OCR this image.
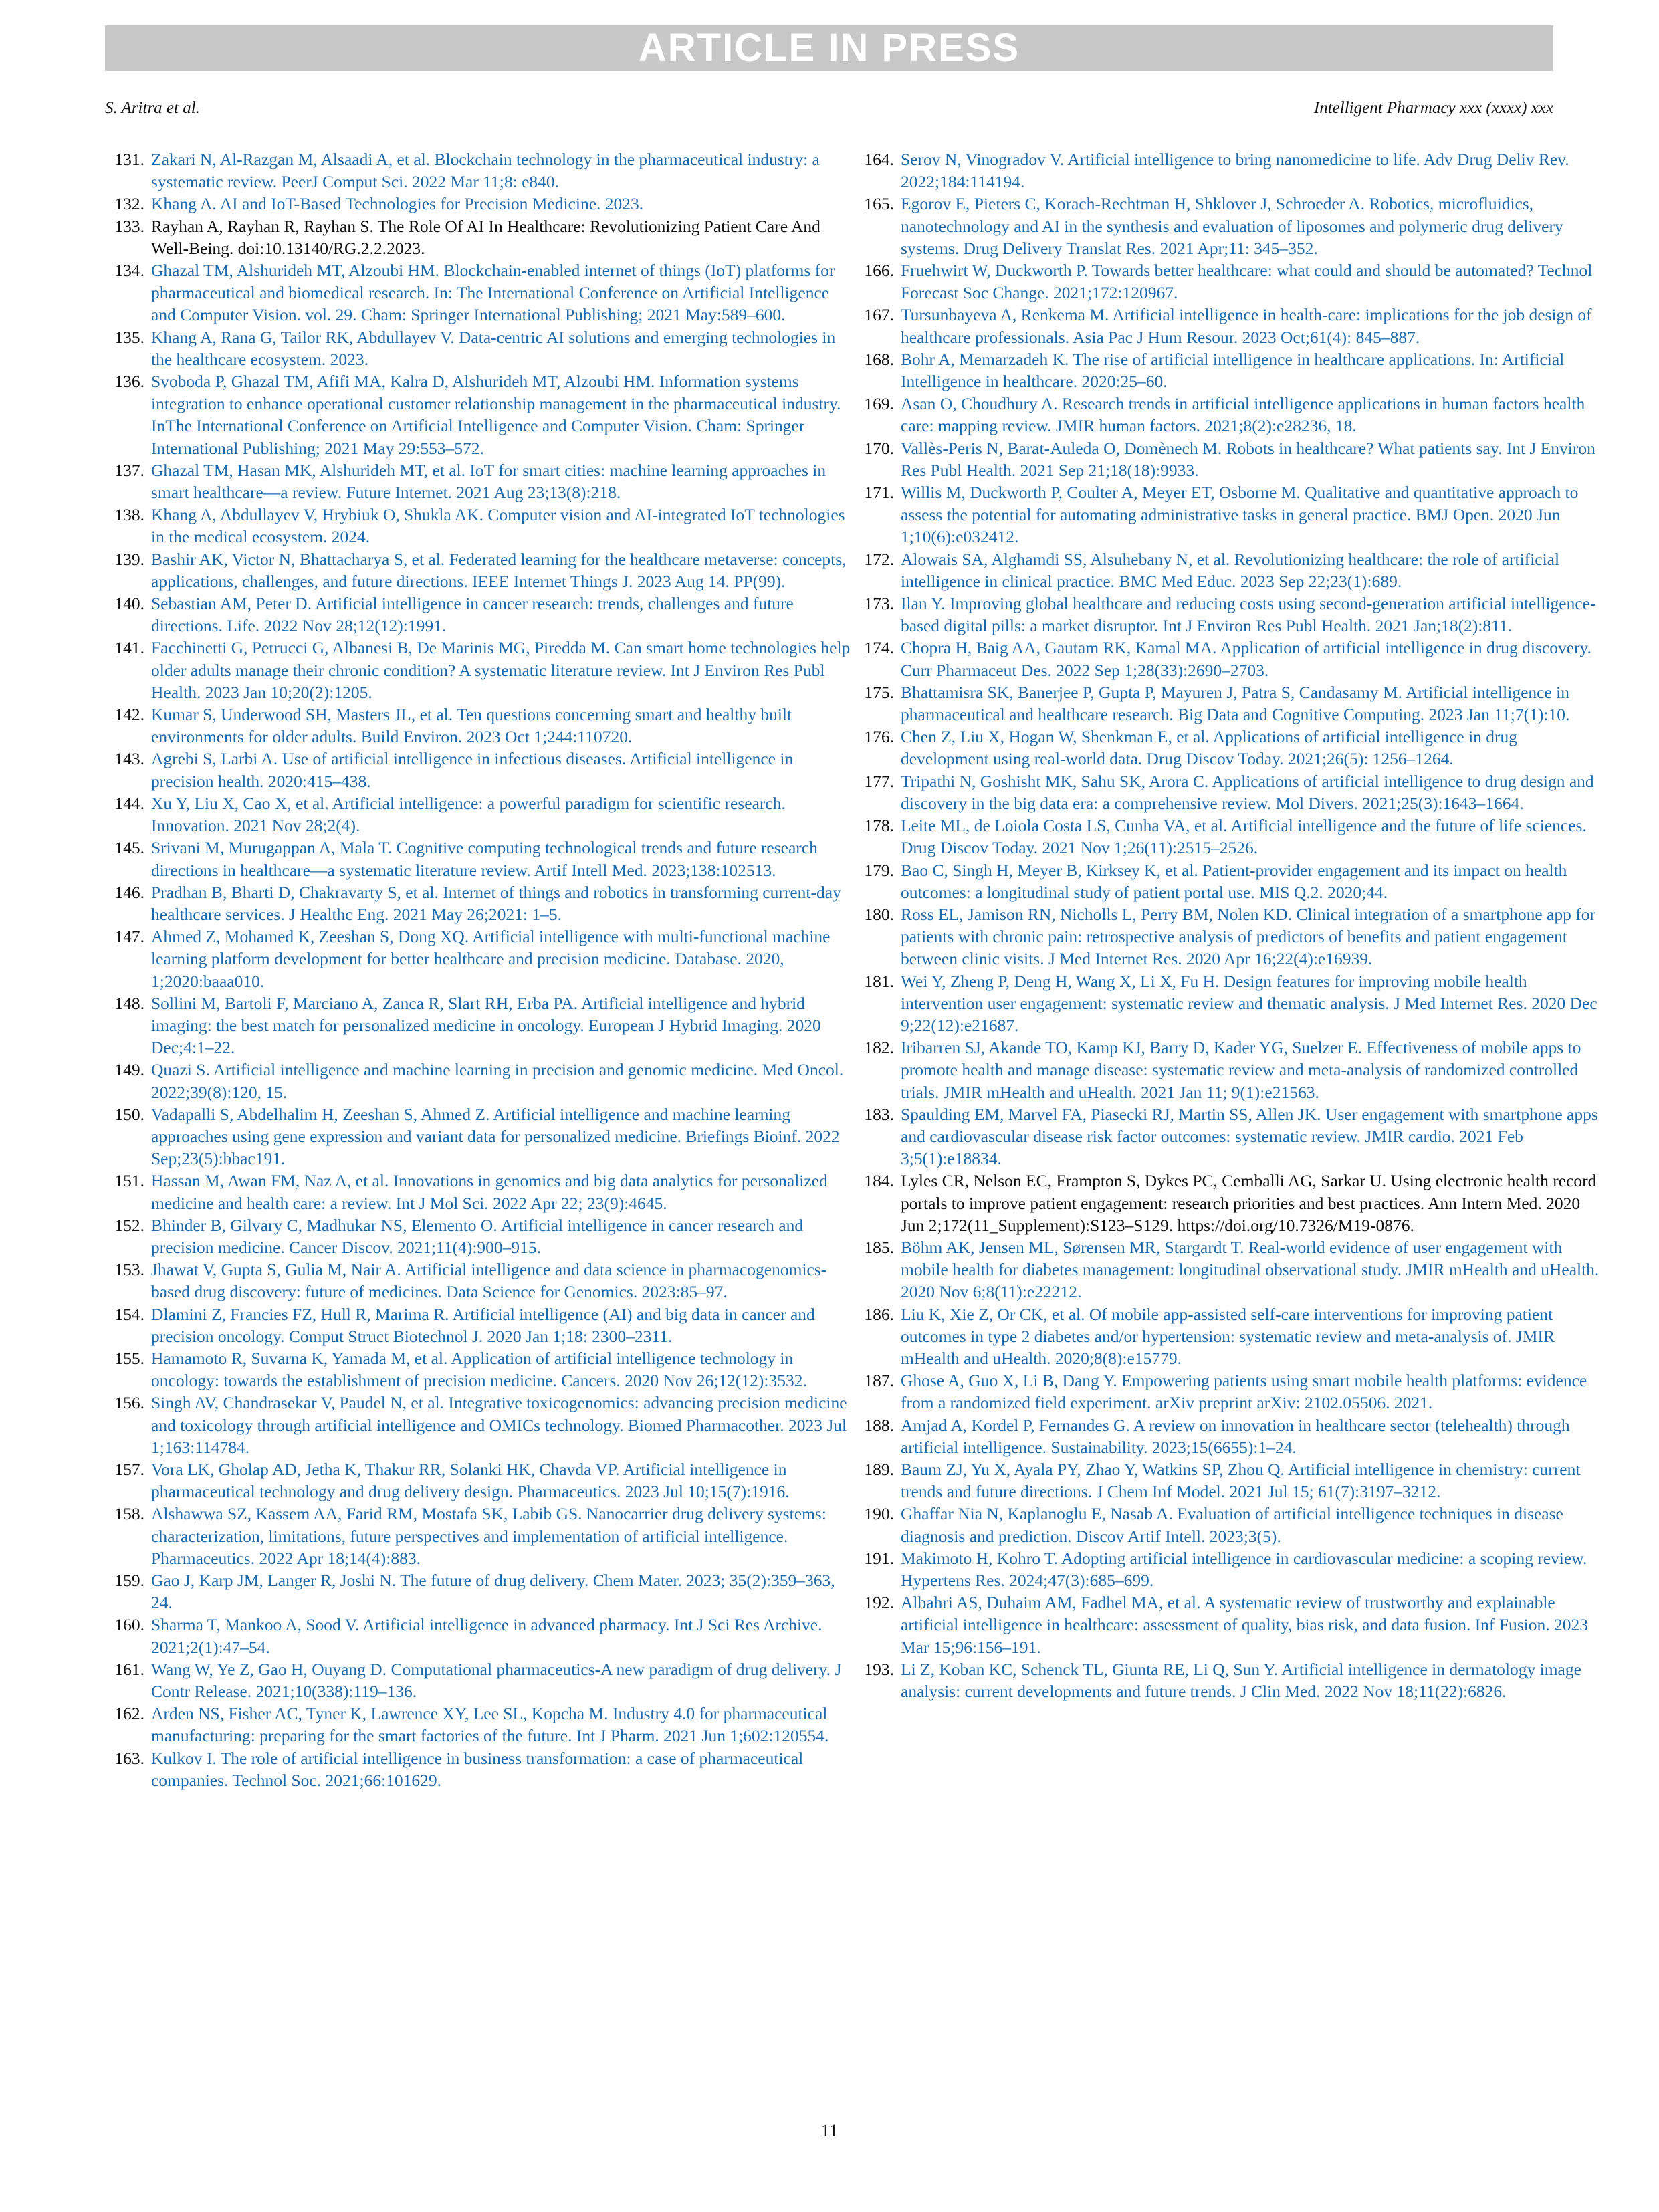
ARTICLE IN PRESS
S. Aritra et al.	Intelligent Pharmacy xxx (xxxx) xxx
131. Zakari N, Al-Razgan M, Alsaadi A, et al. Blockchain technology in the pharmaceutical industry: a systematic review. PeerJ Comput Sci. 2022 Mar 11;8: e840.
132. Khang A. AI and IoT-Based Technologies for Precision Medicine. 2023.
133. Rayhan A, Rayhan R, Rayhan S. The Role Of AI In Healthcare: Revolutionizing Patient Care And Well-Being. doi:10.13140/RG.2.2.2023.
134. Ghazal TM, Alshurideh MT, Alzoubi HM. Blockchain-enabled internet of things (IoT) platforms for pharmaceutical and biomedical research. In: The International Conference on Artificial Intelligence and Computer Vision. vol. 29. Cham: Springer International Publishing; 2021 May:589–600.
135. Khang A, Rana G, Tailor RK, Abdullayev V. Data-centric AI solutions and emerging technologies in the healthcare ecosystem. 2023.
136. Svoboda P, Ghazal TM, Afifi MA, Kalra D, Alshurideh MT, Alzoubi HM. Information systems integration to enhance operational customer relationship management in the pharmaceutical industry. InThe International Conference on Artificial Intelligence and Computer Vision. Cham: Springer International Publishing; 2021 May 29:553–572.
137. Ghazal TM, Hasan MK, Alshurideh MT, et al. IoT for smart cities: machine learning approaches in smart healthcare—a review. Future Internet. 2021 Aug 23;13(8):218.
138. Khang A, Abdullayev V, Hrybiuk O, Shukla AK. Computer vision and AI-integrated IoT technologies in the medical ecosystem. 2024.
139. Bashir AK, Victor N, Bhattacharya S, et al. Federated learning for the healthcare metaverse: concepts, applications, challenges, and future directions. IEEE Internet Things J. 2023 Aug 14. PP(99).
140. Sebastian AM, Peter D. Artificial intelligence in cancer research: trends, challenges and future directions. Life. 2022 Nov 28;12(12):1991.
141. Facchinetti G, Petrucci G, Albanesi B, De Marinis MG, Piredda M. Can smart home technologies help older adults manage their chronic condition? A systematic literature review. Int J Environ Res Publ Health. 2023 Jan 10;20(2):1205.
142. Kumar S, Underwood SH, Masters JL, et al. Ten questions concerning smart and healthy built environments for older adults. Build Environ. 2023 Oct 1;244:110720.
143. Agrebi S, Larbi A. Use of artificial intelligence in infectious diseases. Artificial intelligence in precision health. 2020:415–438.
144. Xu Y, Liu X, Cao X, et al. Artificial intelligence: a powerful paradigm for scientific research. Innovation. 2021 Nov 28;2(4).
145. Srivani M, Murugappan A, Mala T. Cognitive computing technological trends and future research directions in healthcare—a systematic literature review. Artif Intell Med. 2023;138:102513.
146. Pradhan B, Bharti D, Chakravarty S, et al. Internet of things and robotics in transforming current-day healthcare services. J Healthc Eng. 2021 May 26;2021: 1–5.
147. Ahmed Z, Mohamed K, Zeeshan S, Dong XQ. Artificial intelligence with multi-functional machine learning platform development for better healthcare and precision medicine. Database. 2020, 1;2020:baaa010.
148. Sollini M, Bartoli F, Marciano A, Zanca R, Slart RH, Erba PA. Artificial intelligence and hybrid imaging: the best match for personalized medicine in oncology. European J Hybrid Imaging. 2020 Dec;4:1–22.
149. Quazi S. Artificial intelligence and machine learning in precision and genomic medicine. Med Oncol. 2022;39(8):120, 15.
150. Vadapalli S, Abdelhalim H, Zeeshan S, Ahmed Z. Artificial intelligence and machine learning approaches using gene expression and variant data for personalized medicine. Briefings Bioinf. 2022 Sep;23(5):bbac191.
151. Hassan M, Awan FM, Naz A, et al. Innovations in genomics and big data analytics for personalized medicine and health care: a review. Int J Mol Sci. 2022 Apr 22; 23(9):4645.
152. Bhinder B, Gilvary C, Madhukar NS, Elemento O. Artificial intelligence in cancer research and precision medicine. Cancer Discov. 2021;11(4):900–915.
153. Jhawat V, Gupta S, Gulia M, Nair A. Artificial intelligence and data science in pharmacogenomics-based drug discovery: future of medicines. Data Science for Genomics. 2023:85–97.
154. Dlamini Z, Francies FZ, Hull R, Marima R. Artificial intelligence (AI) and big data in cancer and precision oncology. Comput Struct Biotechnol J. 2020 Jan 1;18: 2300–2311.
155. Hamamoto R, Suvarna K, Yamada M, et al. Application of artificial intelligence technology in oncology: towards the establishment of precision medicine. Cancers. 2020 Nov 26;12(12):3532.
156. Singh AV, Chandrasekar V, Paudel N, et al. Integrative toxicogenomics: advancing precision medicine and toxicology through artificial intelligence and OMICs technology. Biomed Pharmacother. 2023 Jul 1;163:114784.
157. Vora LK, Gholap AD, Jetha K, Thakur RR, Solanki HK, Chavda VP. Artificial intelligence in pharmaceutical technology and drug delivery design. Pharmaceutics. 2023 Jul 10;15(7):1916.
158. Alshawwa SZ, Kassem AA, Farid RM, Mostafa SK, Labib GS. Nanocarrier drug delivery systems: characterization, limitations, future perspectives and implementation of artificial intelligence. Pharmaceutics. 2022 Apr 18;14(4):883.
159. Gao J, Karp JM, Langer R, Joshi N. The future of drug delivery. Chem Mater. 2023; 35(2):359–363, 24.
160. Sharma T, Mankoo A, Sood V. Artificial intelligence in advanced pharmacy. Int J Sci Res Archive. 2021;2(1):47–54.
161. Wang W, Ye Z, Gao H, Ouyang D. Computational pharmaceutics-A new paradigm of drug delivery. J Contr Release. 2021;10(338):119–136.
162. Arden NS, Fisher AC, Tyner K, Lawrence XY, Lee SL, Kopcha M. Industry 4.0 for pharmaceutical manufacturing: preparing for the smart factories of the future. Int J Pharm. 2021 Jun 1;602:120554.
163. Kulkov I. The role of artificial intelligence in business transformation: a case of pharmaceutical companies. Technol Soc. 2021;66:101629.
164. Serov N, Vinogradov V. Artificial intelligence to bring nanomedicine to life. Adv Drug Deliv Rev. 2022;184:114194.
165. Egorov E, Pieters C, Korach-Rechtman H, Shklover J, Schroeder A. Robotics, microfluidics, nanotechnology and AI in the synthesis and evaluation of liposomes and polymeric drug delivery systems. Drug Delivery Translat Res. 2021 Apr;11: 345–352.
166. Fruehwirt W, Duckworth P. Towards better healthcare: what could and should be automated? Technol Forecast Soc Change. 2021;172:120967.
167. Tursunbayeva A, Renkema M. Artificial intelligence in health-care: implications for the job design of healthcare professionals. Asia Pac J Hum Resour. 2023 Oct;61(4): 845–887.
168. Bohr A, Memarzadeh K. The rise of artificial intelligence in healthcare applications. In: Artificial Intelligence in healthcare. 2020:25–60.
169. Asan O, Choudhury A. Research trends in artificial intelligence applications in human factors health care: mapping review. JMIR human factors. 2021;8(2):e28236, 18.
170. Vallès-Peris N, Barat-Auleda O, Domènech M. Robots in healthcare? What patients say. Int J Environ Res Publ Health. 2021 Sep 21;18(18):9933.
171. Willis M, Duckworth P, Coulter A, Meyer ET, Osborne M. Qualitative and quantitative approach to assess the potential for automating administrative tasks in general practice. BMJ Open. 2020 Jun 1;10(6):e032412.
172. Alowais SA, Alghamdi SS, Alsuhebany N, et al. Revolutionizing healthcare: the role of artificial intelligence in clinical practice. BMC Med Educ. 2023 Sep 22;23(1):689.
173. Ilan Y. Improving global healthcare and reducing costs using second-generation artificial intelligence-based digital pills: a market disruptor. Int J Environ Res Publ Health. 2021 Jan;18(2):811.
174. Chopra H, Baig AA, Gautam RK, Kamal MA. Application of artificial intelligence in drug discovery. Curr Pharmaceut Des. 2022 Sep 1;28(33):2690–2703.
175. Bhattamisra SK, Banerjee P, Gupta P, Mayuren J, Patra S, Candasamy M. Artificial intelligence in pharmaceutical and healthcare research. Big Data and Cognitive Computing. 2023 Jan 11;7(1):10.
176. Chen Z, Liu X, Hogan W, Shenkman E, et al. Applications of artificial intelligence in drug development using real-world data. Drug Discov Today. 2021;26(5): 1256–1264.
177. Tripathi N, Goshisht MK, Sahu SK, Arora C. Applications of artificial intelligence to drug design and discovery in the big data era: a comprehensive review. Mol Divers. 2021;25(3):1643–1664.
178. Leite ML, de Loiola Costa LS, Cunha VA, et al. Artificial intelligence and the future of life sciences. Drug Discov Today. 2021 Nov 1;26(11):2515–2526.
179. Bao C, Singh H, Meyer B, Kirksey K, et al. Patient-provider engagement and its impact on health outcomes: a longitudinal study of patient portal use. MIS Q.2. 2020;44.
180. Ross EL, Jamison RN, Nicholls L, Perry BM, Nolen KD. Clinical integration of a smartphone app for patients with chronic pain: retrospective analysis of predictors of benefits and patient engagement between clinic visits. J Med Internet Res. 2020 Apr 16;22(4):e16939.
181. Wei Y, Zheng P, Deng H, Wang X, Li X, Fu H. Design features for improving mobile health intervention user engagement: systematic review and thematic analysis. J Med Internet Res. 2020 Dec 9;22(12):e21687.
182. Iribarren SJ, Akande TO, Kamp KJ, Barry D, Kader YG, Suelzer E. Effectiveness of mobile apps to promote health and manage disease: systematic review and meta-analysis of randomized controlled trials. JMIR mHealth and uHealth. 2021 Jan 11; 9(1):e21563.
183. Spaulding EM, Marvel FA, Piasecki RJ, Martin SS, Allen JK. User engagement with smartphone apps and cardiovascular disease risk factor outcomes: systematic review. JMIR cardio. 2021 Feb 3;5(1):e18834.
184. Lyles CR, Nelson EC, Frampton S, Dykes PC, Cemballi AG, Sarkar U. Using electronic health record portals to improve patient engagement: research priorities and best practices. Ann Intern Med. 2020 Jun 2;172(11_Supplement):S123–S129. https://doi.org/10.7326/M19-0876.
185. Böhm AK, Jensen ML, Sørensen MR, Stargardt T. Real-world evidence of user engagement with mobile health for diabetes management: longitudinal observational study. JMIR mHealth and uHealth. 2020 Nov 6;8(11):e22212.
186. Liu K, Xie Z, Or CK, et al. Of mobile app-assisted self-care interventions for improving patient outcomes in type 2 diabetes and/or hypertension: systematic review and meta-analysis of. JMIR mHealth and uHealth. 2020;8(8):e15779.
187. Ghose A, Guo X, Li B, Dang Y. Empowering patients using smart mobile health platforms: evidence from a randomized field experiment. arXiv preprint arXiv: 2102.05506. 2021.
188. Amjad A, Kordel P, Fernandes G. A review on innovation in healthcare sector (telehealth) through artificial intelligence. Sustainability. 2023;15(6655):1–24.
189. Baum ZJ, Yu X, Ayala PY, Zhao Y, Watkins SP, Zhou Q. Artificial intelligence in chemistry: current trends and future directions. J Chem Inf Model. 2021 Jul 15; 61(7):3197–3212.
190. Ghaffar Nia N, Kaplanoglu E, Nasab A. Evaluation of artificial intelligence techniques in disease diagnosis and prediction. Discov Artif Intell. 2023;3(5).
191. Makimoto H, Kohro T. Adopting artificial intelligence in cardiovascular medicine: a scoping review. Hypertens Res. 2024;47(3):685–699.
192. Albahri AS, Duhaim AM, Fadhel MA, et al. A systematic review of trustworthy and explainable artificial intelligence in healthcare: assessment of quality, bias risk, and data fusion. Inf Fusion. 2023 Mar 15;96:156–191.
193. Li Z, Koban KC, Schenck TL, Giunta RE, Li Q, Sun Y. Artificial intelligence in dermatology image analysis: current developments and future trends. J Clin Med. 2022 Nov 18;11(22):6826.
11
